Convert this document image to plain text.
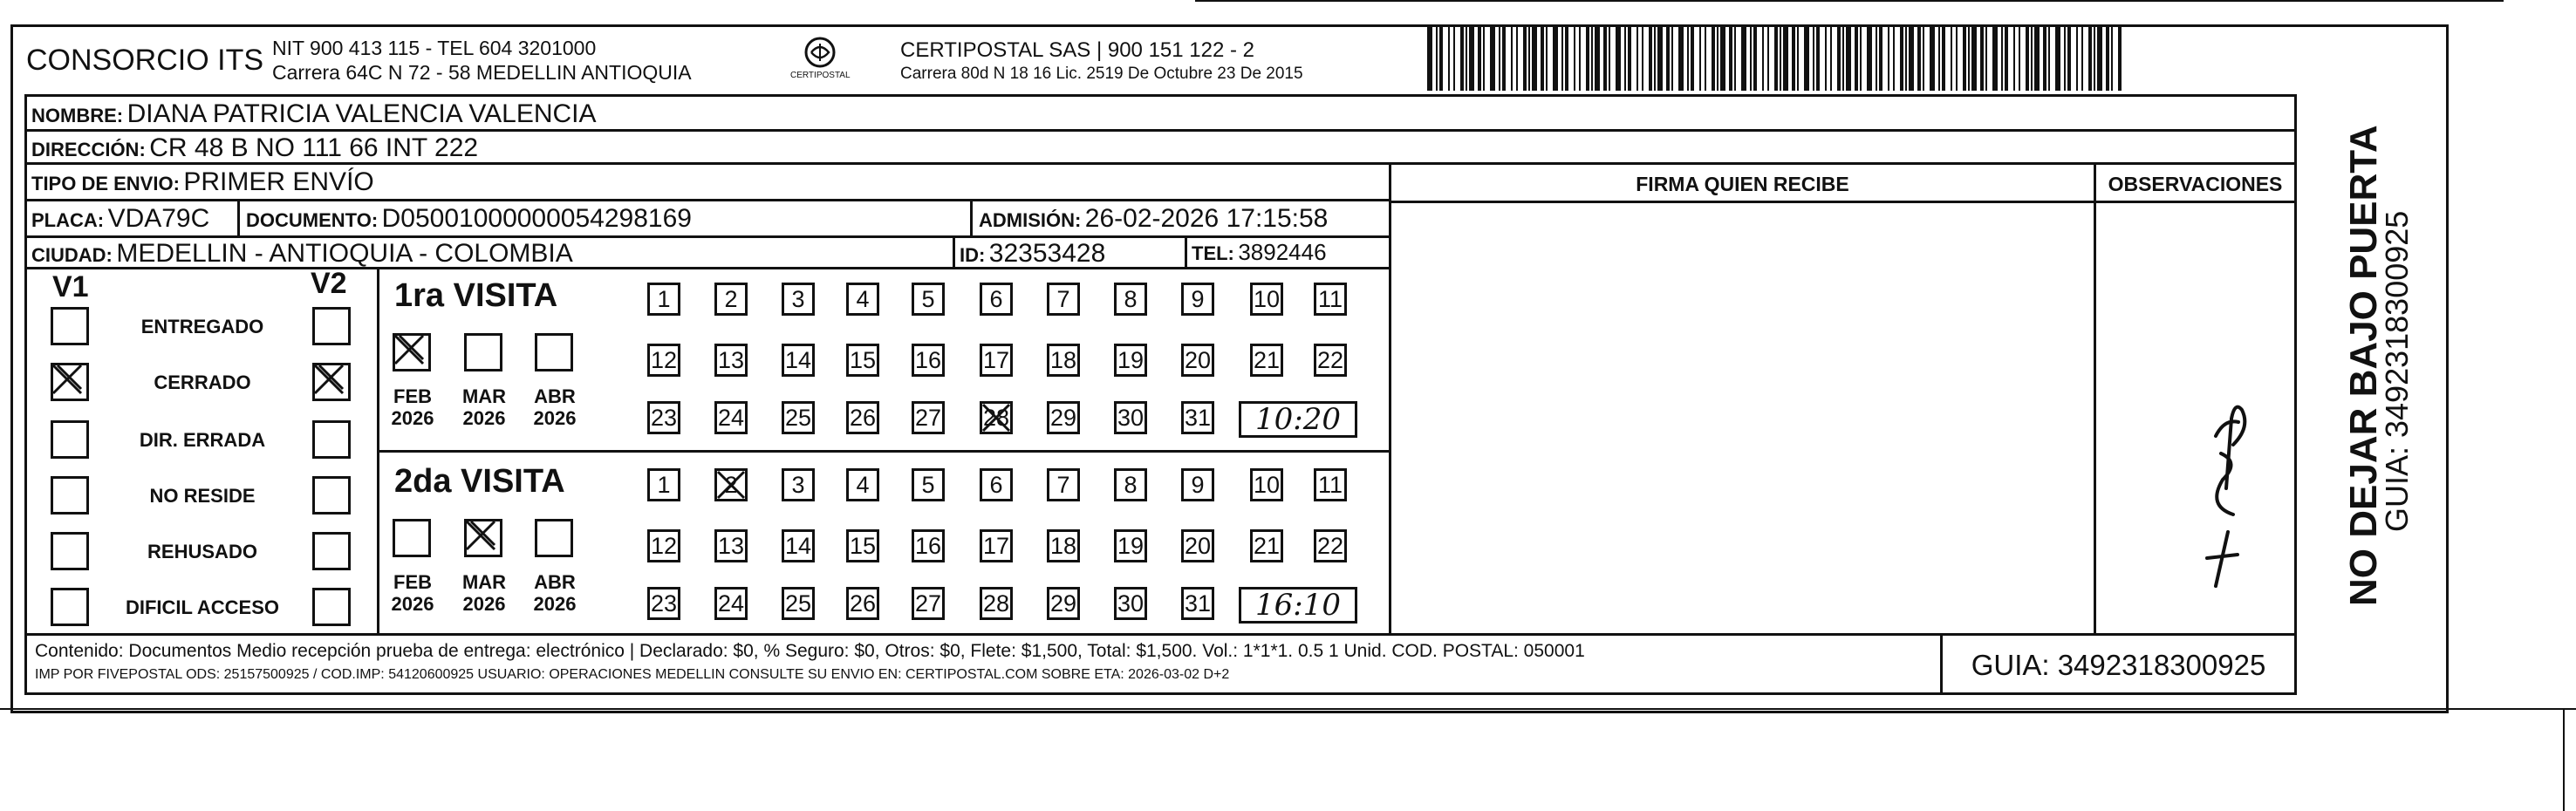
CONSORCIO ITS NIT 900 413 115 - TEL 604 3201000
Carrera 64C N 72 - 58 MEDELLIN ANTIOQUIA	CERTIPOSTAL
CERTIPOSTAL SAS | 900 151 122 - 2
Carrera 80d N 18 16 Lic. 2519 De Octubre 23 De 2015
NOMBRE: DIANA PATRICIA VALENCIA VALENCIA
DIRECCIÓN: CR 48 B NO 111 66 INT 222
TIPO DE ENVIO: PRIMER ENVÍO
PLACA: VDA79C DOCUMENTO: D05001000000054298169	ADMISIÓN: 26-02-2026 17:15:58
CIUDAD: MEDELLIN - ANTIOQUIA - COLOMBIA	ID: 32353428	TEL: 3892446
FIRMA QUIEN RECIBE	OBSERVACIONES
V1	V2
Contenido: Documentos Medio recepción prueba de entrega: electrónico | Declarado: $0, % Seguro: $0, Otros: $0, Flete: $1,500, Total: $1,500. Vol.: 1*1*1. 0.5 1 Unid. COD. POSTAL: 050001
IMP POR FIVEPOSTAL ODS: 25157500925 / COD.IMP: 54120600925 USUARIO: OPERACIONES MEDELLIN CONSULTE SU ENVIO EN: CERTIPOSTAL.COM SOBRE ETA: 2026-03-02 D+2	GUIA: 3492318300925
NO DEJAR BAJO PUERTA
GUIA: 3492318300925
ENTREGADO
CERRADO
DIR. ERRADA
NO RESIDE
REHUSADO
DIFICIL ACCESO
1ra VISITA
FEB
2026
MAR
2026
ABR
2026
1 2 3 4 5 6 7 8 9 10 11
12 13 14 15 16 17 18 19 20 21 22
23 24 25 26 27 28 29 30 31 10:20
2da VISITA
FEB
2026
MAR
2026
ABR
2026
1 2 3 4 5 6 7 8 9 10 11
12 13 14 15 16 17 18 19 20 21 22
23 24 25 26 27 28 29 30 31 16:10
